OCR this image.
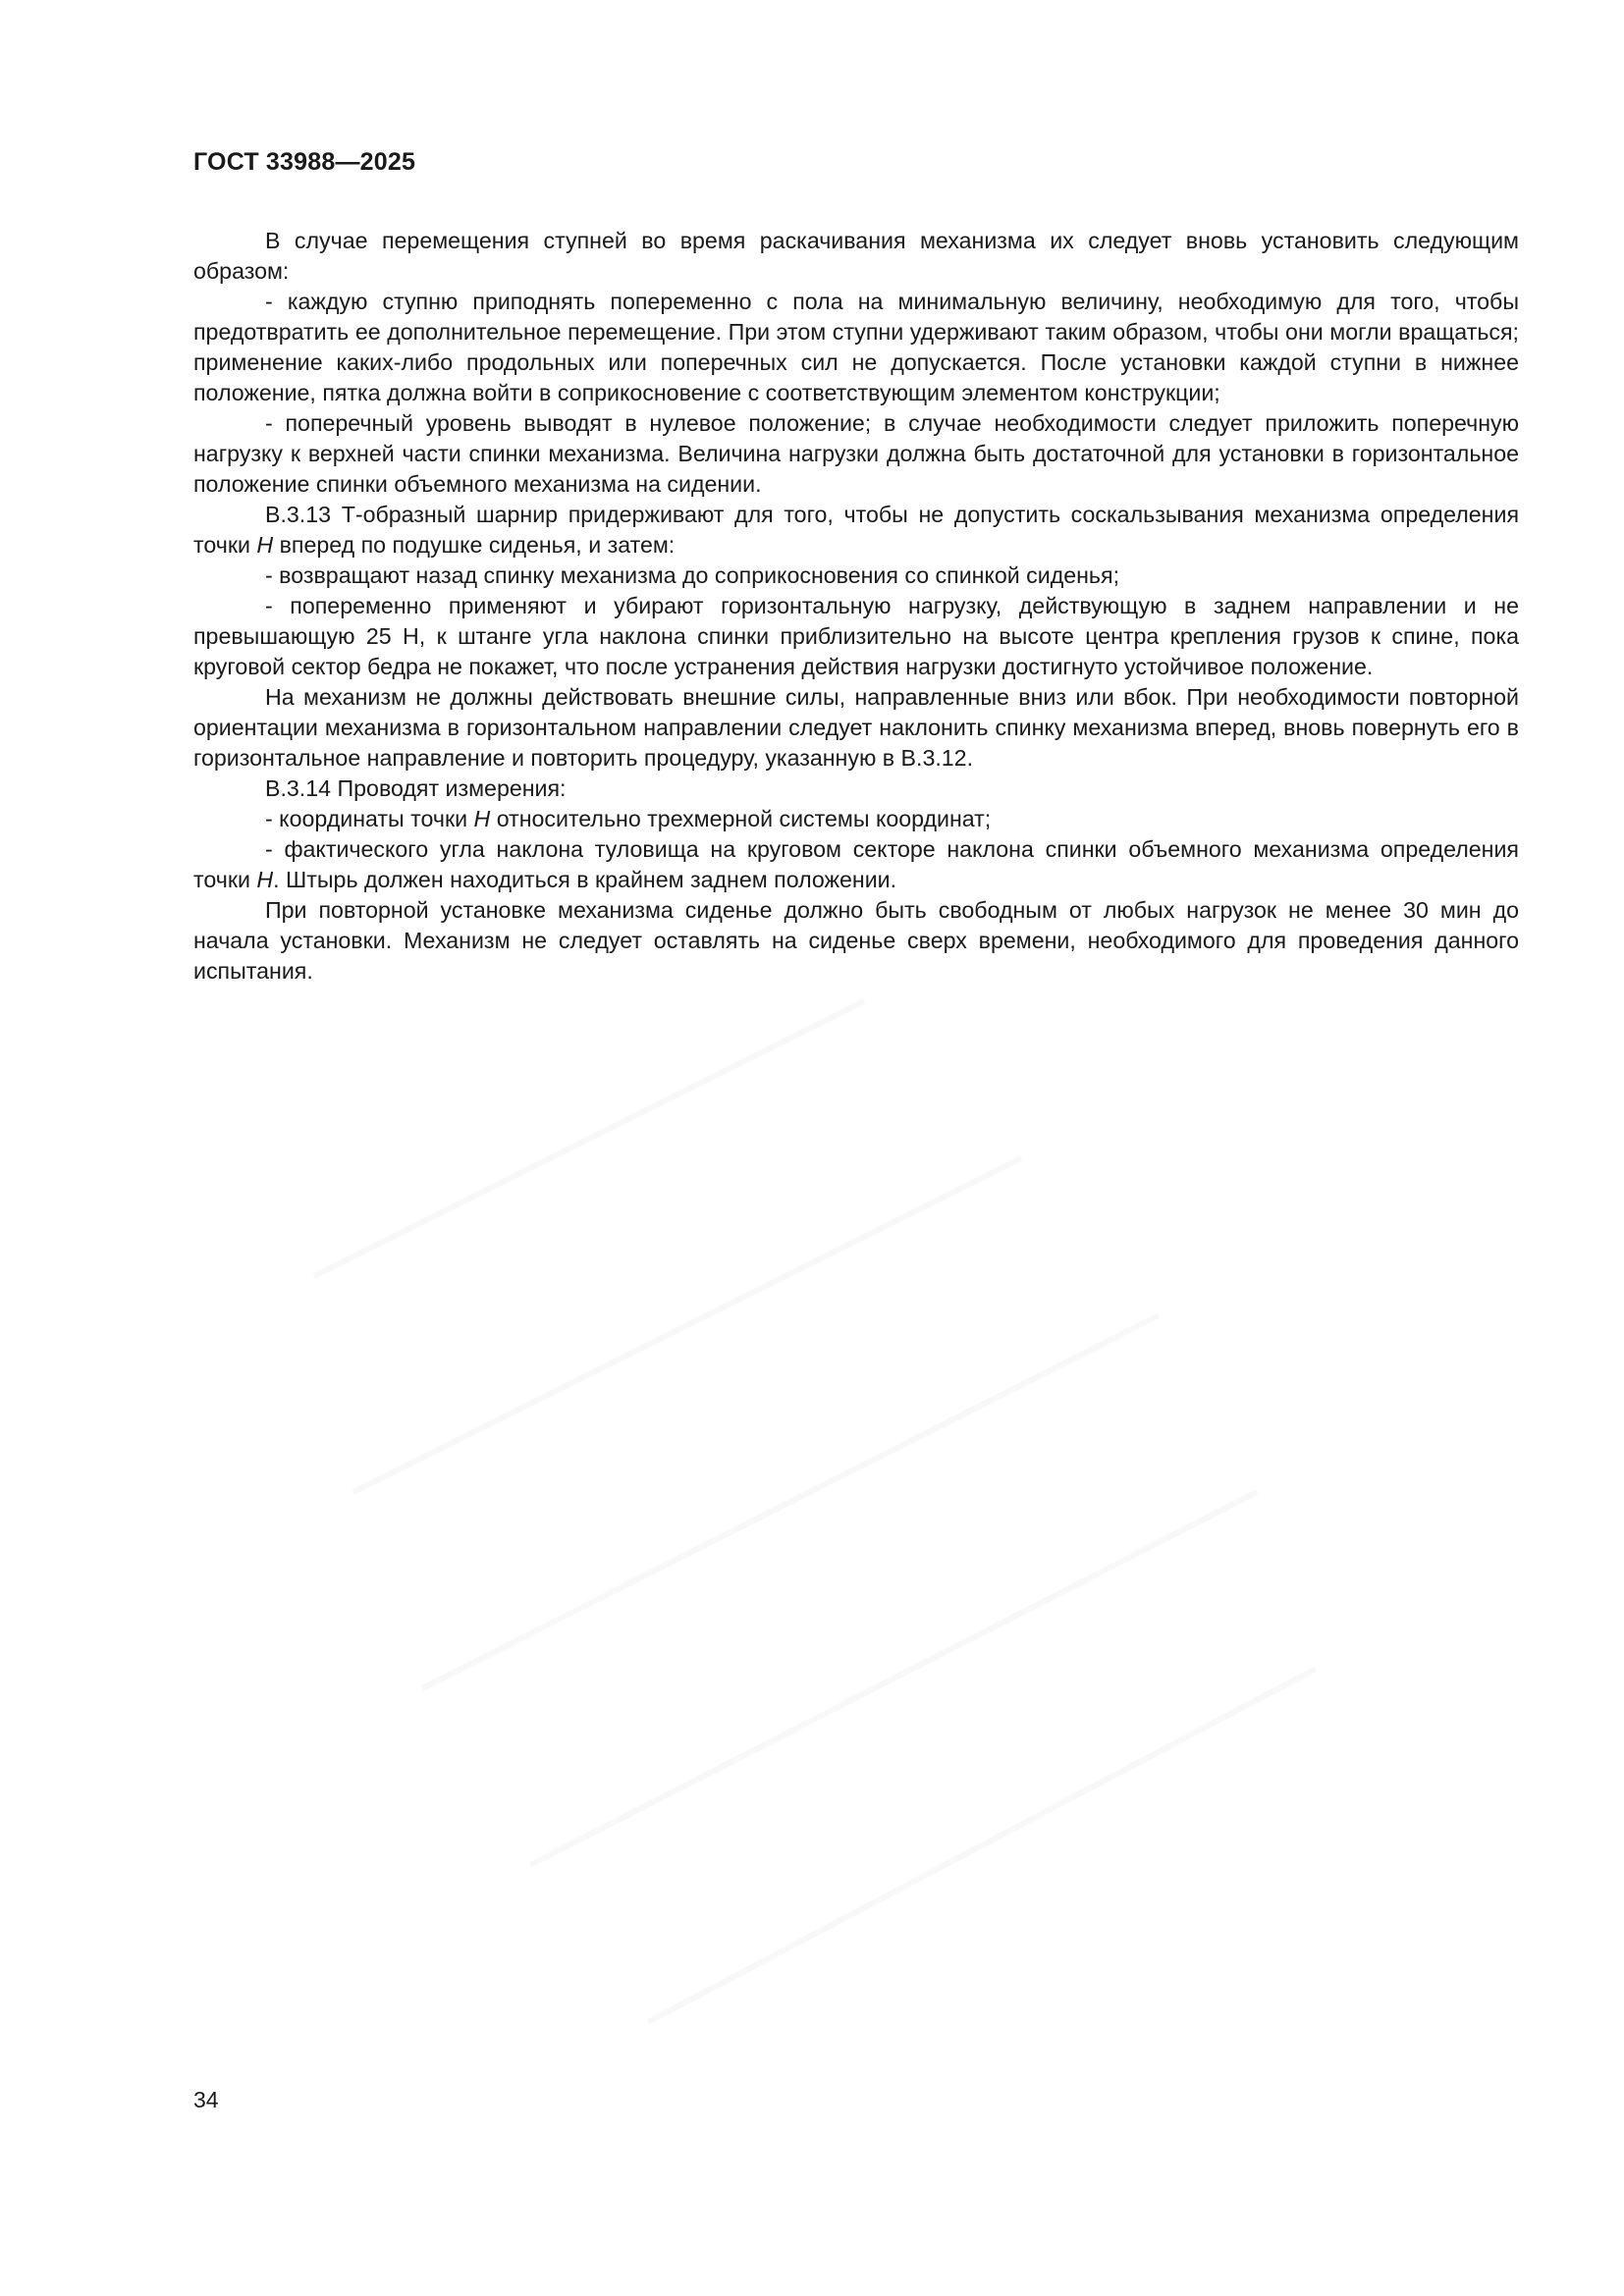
ГОСТ 33988—2025

В случае перемещения ступней во время раскачивания механизма их следует вновь установить следующим образом:

- каждую ступню приподнять попеременно с пола на минимальную величину, необходимую для того, чтобы предотвратить ее дополнительное перемещение. При этом ступни удерживают таким образом, чтобы они могли вращаться; применение каких-либо продольных или поперечных сил не допускается. После установки каждой ступни в нижнее положение, пятка должна войти в соприкосновение с соответствующим элементом конструкции;

- поперечный уровень выводят в нулевое положение; в случае необходимости следует приложить поперечную нагрузку к верхней части спинки механизма. Величина нагрузки должна быть достаточной для установки в горизонтальное положение спинки объемного механизма на сидении.

В.3.13 Т-образный шарнир придерживают для того, чтобы не допустить соскальзывания механизма определения точки Н вперед по подушке сиденья, и затем:

- возвращают назад спинку механизма до соприкосновения со спинкой сиденья;

- попеременно применяют и убирают горизонтальную нагрузку, действующую в заднем направлении и не превышающую 25 Н, к штанге угла наклона спинки приблизительно на высоте центра крепления грузов к спине, пока круговой сектор бедра не покажет, что после устранения действия нагрузки достигнуто устойчивое положение.

На механизм не должны действовать внешние силы, направленные вниз или вбок. При необходимости повторной ориентации механизма в горизонтальном направлении следует наклонить спинку механизма вперед, вновь повернуть его в горизонтальное направление и повторить процедуру, указанную в В.3.12.

В.3.14 Проводят измерения:

- координаты точки Н относительно трехмерной системы координат;

- фактического угла наклона туловища на круговом секторе наклона спинки объемного механизма определения точки Н. Штырь должен находиться в крайнем заднем положении.

При повторной установке механизма сиденье должно быть свободным от любых нагрузок не менее 30 мин до начала установки. Механизм не следует оставлять на сиденье сверх времени, необходимого для проведения данного испытания.

34
